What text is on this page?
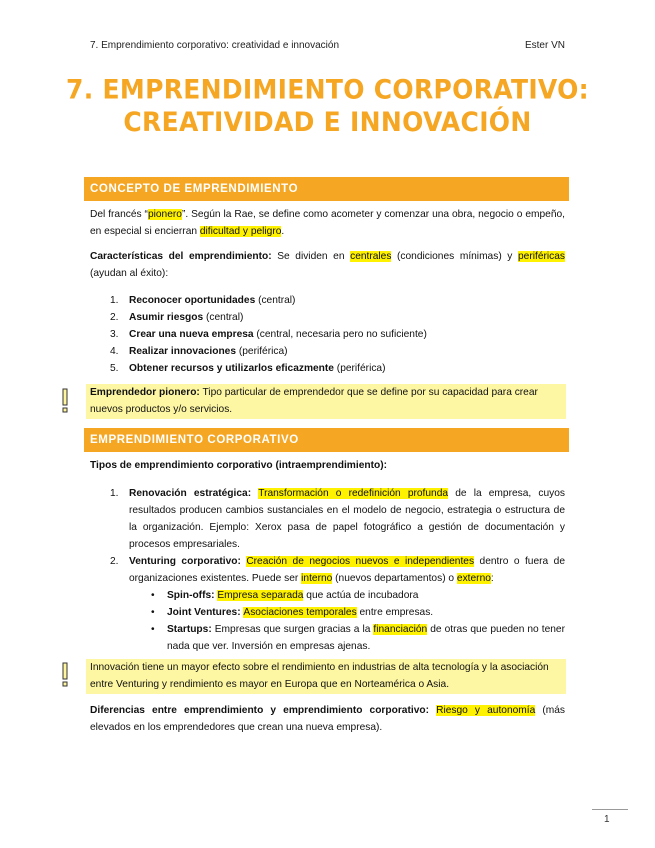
7. Emprendimiento corporativo: creatividad e innovación	Ester VN
7. EMPRENDIMIENTO CORPORATIVO:
CREATIVIDAD E INNOVACIÓN
CONCEPTO DE EMPRENDIMIENTO
Del francés “pionero”. Según la Rae, se define como acometer y comenzar una obra, negocio o empeño, en especial si encierran dificultad y peligro.
Características del emprendimiento: Se dividen en centrales (condiciones mínimas) y periféricas (ayudan al éxito):
1. Reconocer oportunidades (central)
2. Asumir riesgos (central)
3. Crear una nueva empresa (central, necesaria pero no suficiente)
4. Realizar innovaciones (periférica)
5. Obtener recursos y utilizarlos eficazmente (periférica)
Emprendedor pionero: Tipo particular de emprendedor que se define por su capacidad para crear nuevos productos y/o servicios.
EMPRENDIMIENTO CORPORATIVO
Tipos de emprendimiento corporativo (intraemprendimiento):
1. Renovación estratégica: Transformación o redefinición profunda de la empresa, cuyos resultados producen cambios sustanciales en el modelo de negocio, estrategia o estructura de la organización. Ejemplo: Xerox pasa de papel fotográfico a gestión de documentación y procesos empresariales.
2. Venturing corporativo: Creación de negocios nuevos e independientes dentro o fuera de organizaciones existentes. Puede ser interno (nuevos departamentos) o externo:
• Spin-offs: Empresa separada que actúa de incubadora
• Joint Ventures: Asociaciones temporales entre empresas.
• Startups: Empresas que surgen gracias a la financiación de otras que pueden no tener nada que ver. Inversión en empresas ajenas.
Innovación tiene un mayor efecto sobre el rendimiento en industrias de alta tecnología y la asociación entre Venturing y rendimiento es mayor en Europa que en Norteamérica o Asia.
Diferencias entre emprendimiento y emprendimiento corporativo: Riesgo y autonomía (más elevados en los emprendedores que crean una nueva empresa).
1
